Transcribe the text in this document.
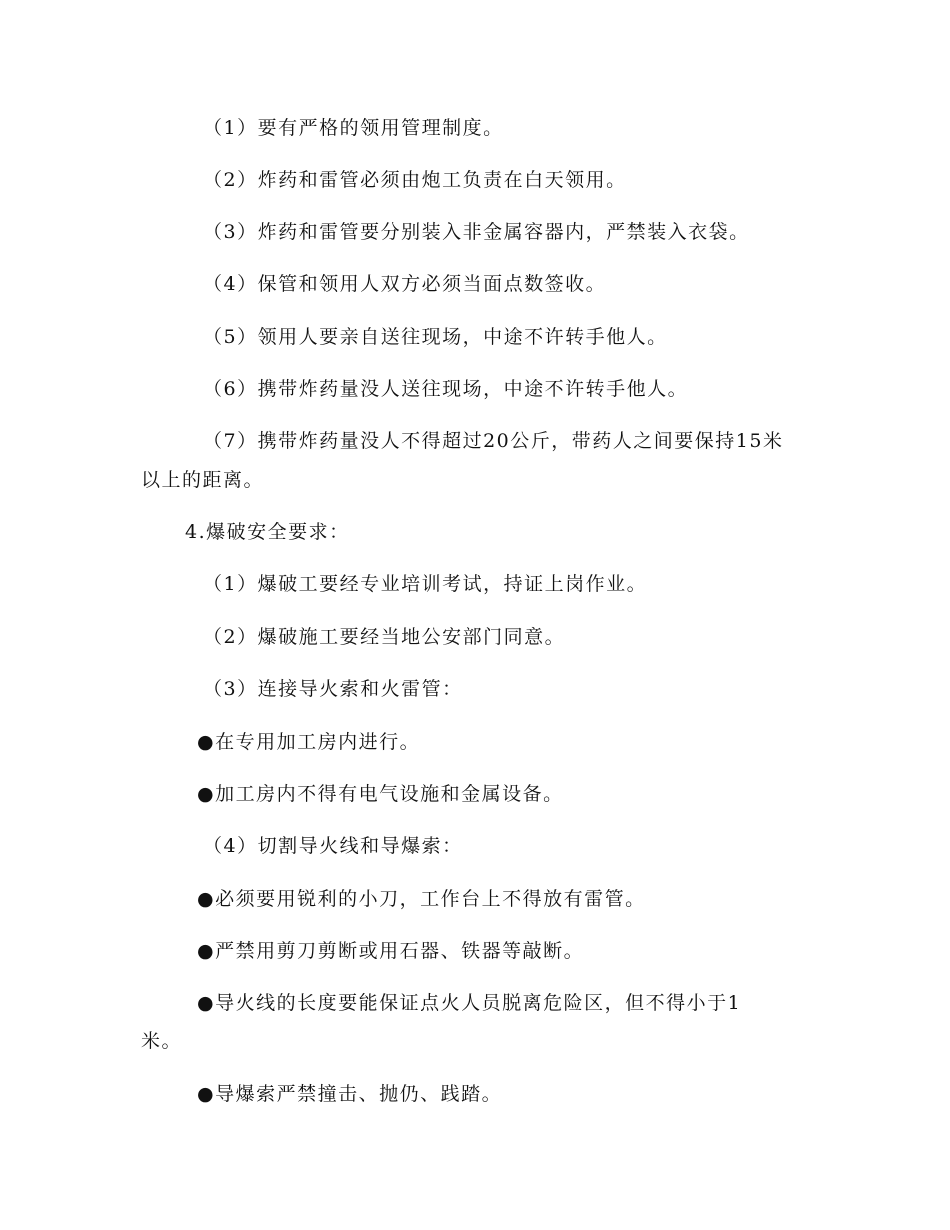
（1）要有严格的领用管理制度。
（2）炸药和雷管必须由炮工负责在白天领用。
（3）炸药和雷管要分别装入非金属容器内，严禁装入衣袋。
（4）保管和领用人双方必须当面点数签收。
（5）领用人要亲自送往现场，中途不许转手他人。
（6）携带炸药量没人送往现场，中途不许转手他人。
（7）携带炸药量没人不得超过20公斤，带药人之间要保持15米
以上的距离。
4.爆破安全要求：
（1）爆破工要经专业培训考试，持证上岗作业。
（2）爆破施工要经当地公安部门同意。
（3）连接导火索和火雷管：
●在专用加工房内进行。
●加工房内不得有电气设施和金属设备。
（4）切割导火线和导爆索：
●必须要用锐利的小刀，工作台上不得放有雷管。
●严禁用剪刀剪断或用石器、铁器等敲断。
●导火线的长度要能保证点火人员脱离危险区，但不得小于1
米。
●导爆索严禁撞击、抛仍、践踏。
